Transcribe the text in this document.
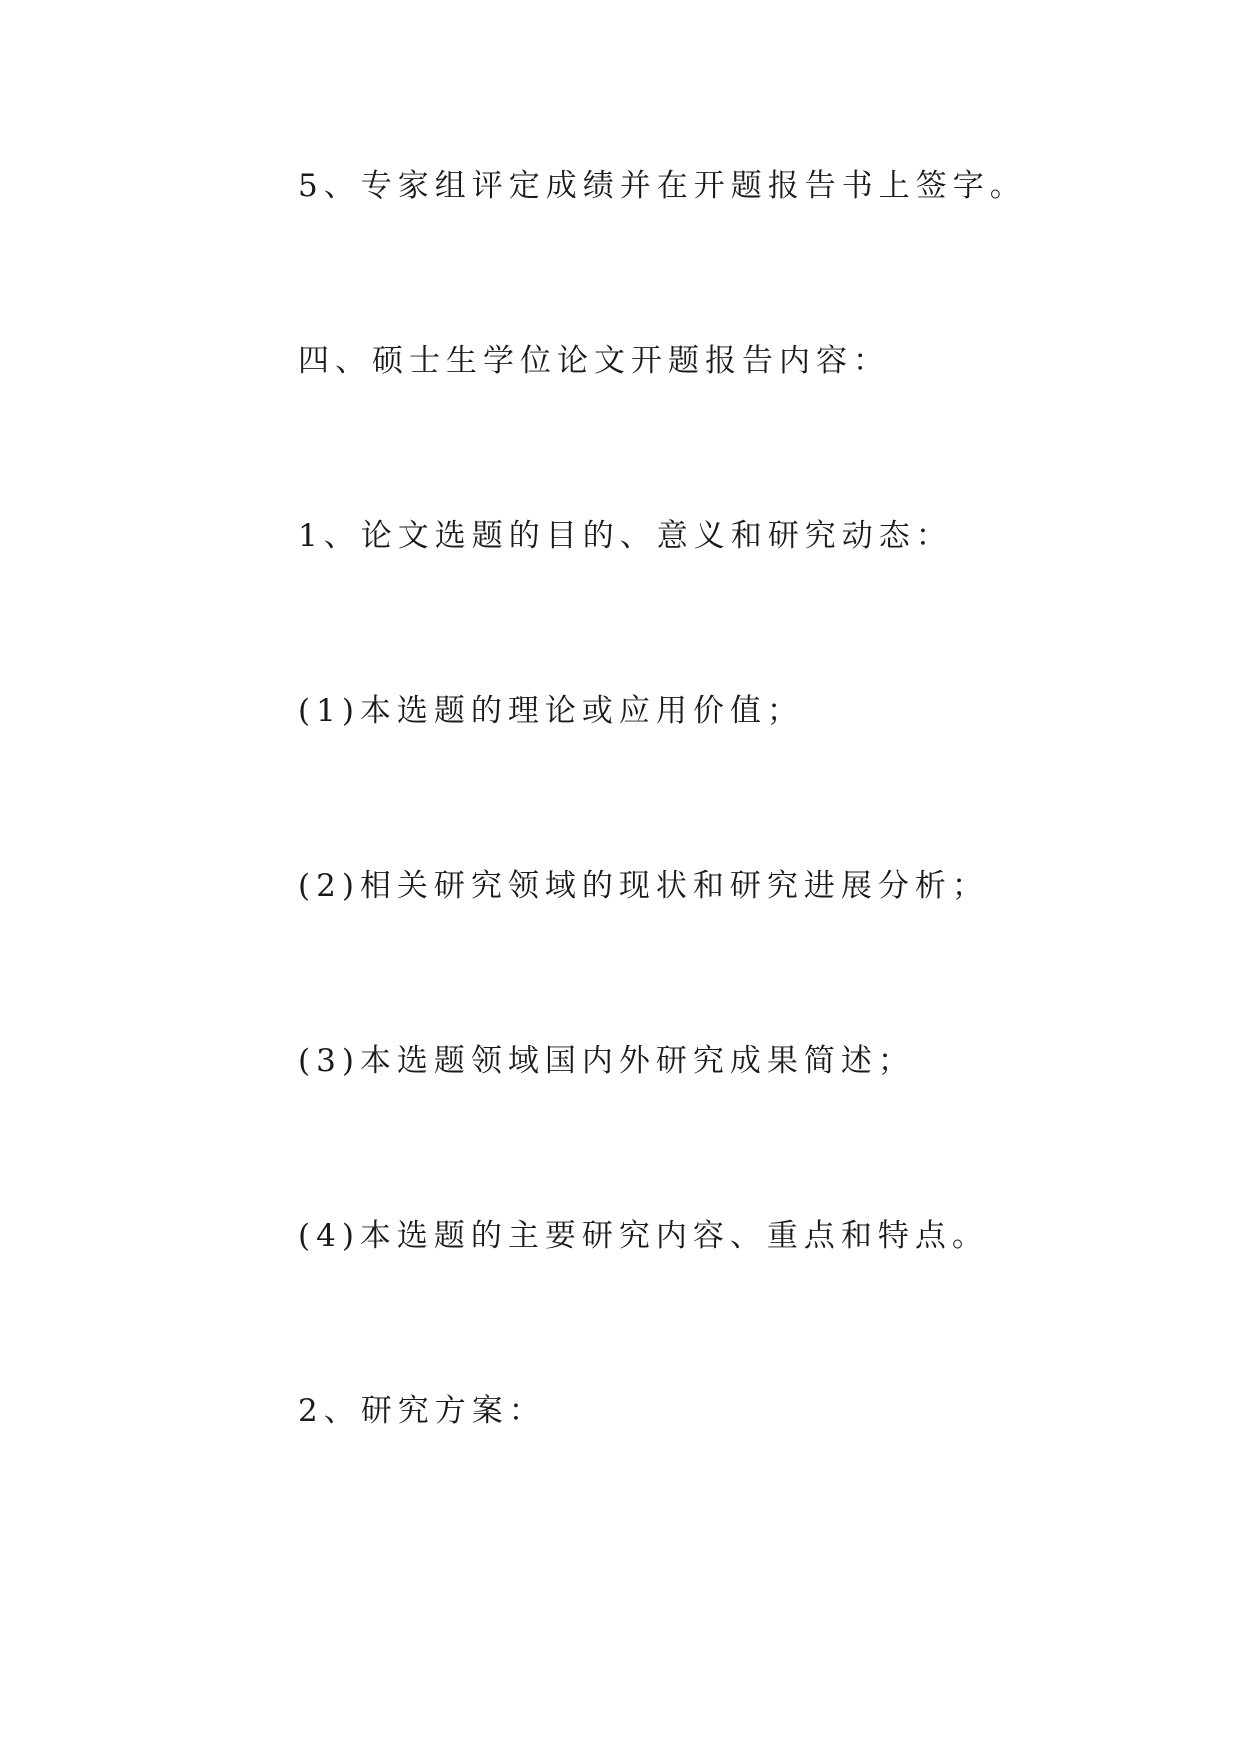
5、专家组评定成绩并在开题报告书上签字。

四、硕士生学位论文开题报告内容：

1、论文选题的目的、意义和研究动态：

(1)本选题的理论或应用价值；

(2)相关研究领域的现状和研究进展分析；

(3)本选题领域国内外研究成果简述；

(4)本选题的主要研究内容、重点和特点。

2、研究方案：
